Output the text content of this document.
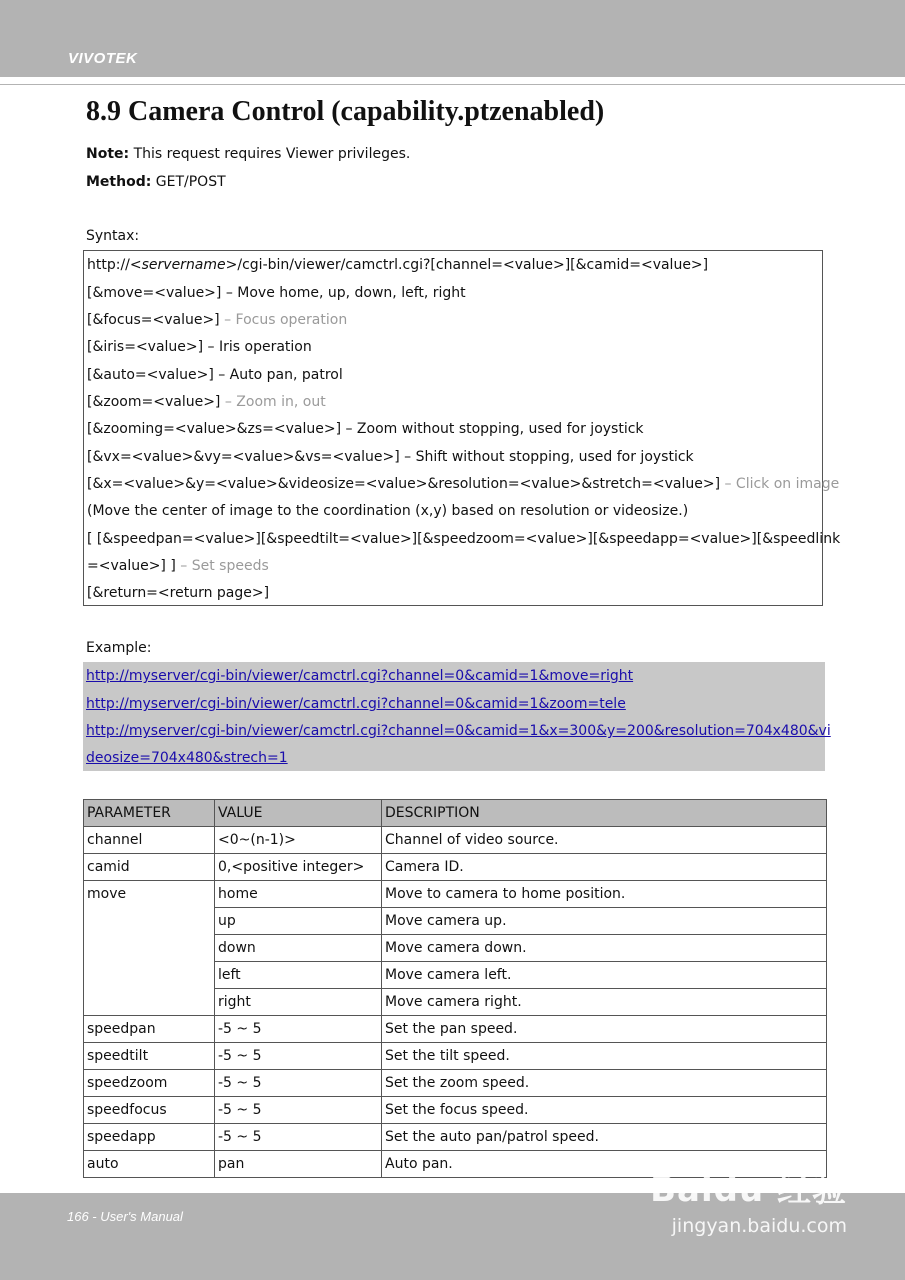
VIVOTEK
8.9 Camera Control (capability.ptzenabled)
Note: This request requires Viewer privileges.
Method: GET/POST
Syntax:
http://<servername>/cgi-bin/viewer/camctrl.cgi?[channel=<value>][&camid=<value>]
[&move=<value>] – Move home, up, down, left, right
[&focus=<value>] – Focus operation
[&iris=<value>] – Iris operation
[&auto=<value>] – Auto pan, patrol
[&zoom=<value>] – Zoom in, out
[&zooming=<value>&zs=<value>] – Zoom without stopping, used for joystick
[&vx=<value>&vy=<value>&vs=<value>] – Shift without stopping, used for joystick
[&x=<value>&y=<value>&videosize=<value>&resolution=<value>&stretch=<value>] – Click on image
(Move the center of image to the coordination (x,y) based on resolution or videosize.)
[ [&speedpan=<value>][&speedtilt=<value>][&speedzoom=<value>][&speedapp=<value>][&speedlink
=<value>] ] – Set speeds
[&return=<return page>]
Example:
http://myserver/cgi-bin/viewer/camctrl.cgi?channel=0&camid=1&move=right
http://myserver/cgi-bin/viewer/camctrl.cgi?channel=0&camid=1&zoom=tele
http://myserver/cgi-bin/viewer/camctrl.cgi?channel=0&camid=1&x=300&y=200&resolution=704x480&vi
deosize=704x480&strech=1
PARAMETER	VALUE	DESCRIPTION
channel	<0~(n-1)>	Channel of video source.
camid	0,<positive integer>	Camera ID.
move	home	Move to camera to home position.
	up	Move camera up.
	down	Move camera down.
	left	Move camera left.
	right	Move camera right.
speedpan	-5 ~ 5	Set the pan speed.
speedtilt	-5 ~ 5	Set the tilt speed.
speedzoom	-5 ~ 5	Set the zoom speed.
speedfocus	-5 ~ 5	Set the focus speed.
speedapp	-5 ~ 5	Set the auto pan/patrol speed.
auto	pan	Auto pan.
166 - User's Manual
Baidu 经验
jingyan.baidu.com
